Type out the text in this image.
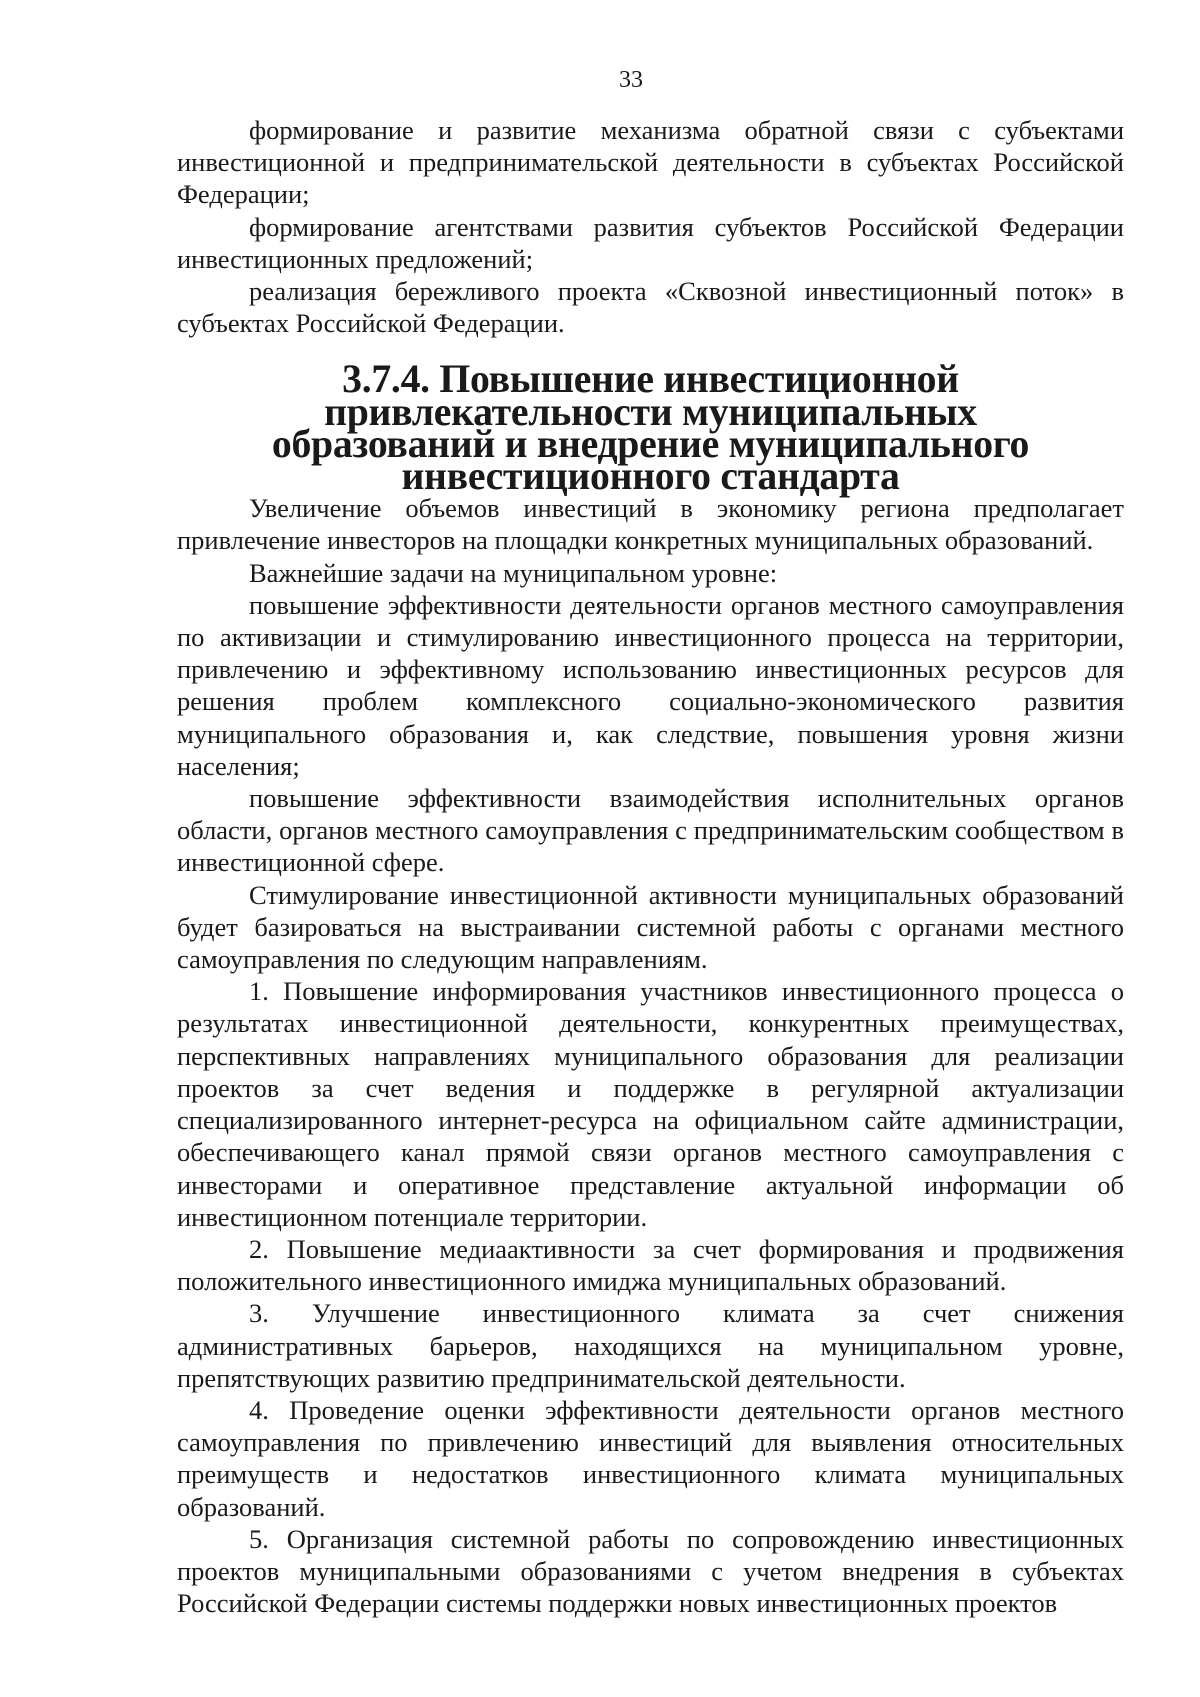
33

формирование и развитие механизма обратной связи с субъектами инвестиционной и предпринимательской деятельности в субъектах Российской Федерации;

формирование агентствами развития субъектов Российской Федерации инвестиционных предложений;

реализация бережливого проекта «Сквозной инвестиционный поток» в субъектах Российской Федерации.

3.7.4. Повышение инвестиционной привлекательности муниципальных
образований и внедрение муниципального инвестиционного стандарта

Увеличение объемов инвестиций в экономику региона предполагает привлечение инвесторов на площадки конкретных муниципальных образований.

Важнейшие задачи на муниципальном уровне:

повышение эффективности деятельности органов местного самоуправления по активизации и стимулированию инвестиционного процесса на территории, привлечению и эффективному использованию инвестиционных ресурсов для решения проблем комплексного социально-экономического развития муниципального образования и, как следствие, повышения уровня жизни населения;

повышение эффективности взаимодействия исполнительных органов области, органов местного самоуправления с предпринимательским сообществом в инвестиционной сфере.

Стимулирование инвестиционной активности муниципальных образований будет базироваться на выстраивании системной работы с органами местного самоуправления по следующим направлениям.

1. Повышение информирования участников инвестиционного процесса о результатах инвестиционной деятельности, конкурентных преимуществах, перспективных направлениях муниципального образования для реализации проектов за счет ведения и поддержке в регулярной актуализации специализированного интернет-ресурса на официальном сайте администрации, обеспечивающего канал прямой связи органов местного самоуправления с инвесторами и оперативное представление актуальной информации об инвестиционном потенциале территории.

2. Повышение медиаактивности за счет формирования и продвижения положительного инвестиционного имиджа муниципальных образований.

3. Улучшение инвестиционного климата за счет снижения административных барьеров, находящихся на муниципальном уровне, препятствующих развитию предпринимательской деятельности.

4. Проведение оценки эффективности деятельности органов местного самоуправления по привлечению инвестиций для выявления относительных преимуществ и недостатков инвестиционного климата муниципальных образований.

5. Организация системной работы по сопровождению инвестиционных проектов муниципальными образованиями с учетом внедрения в субъектах Российской Федерации системы поддержки новых инвестиционных проектов
